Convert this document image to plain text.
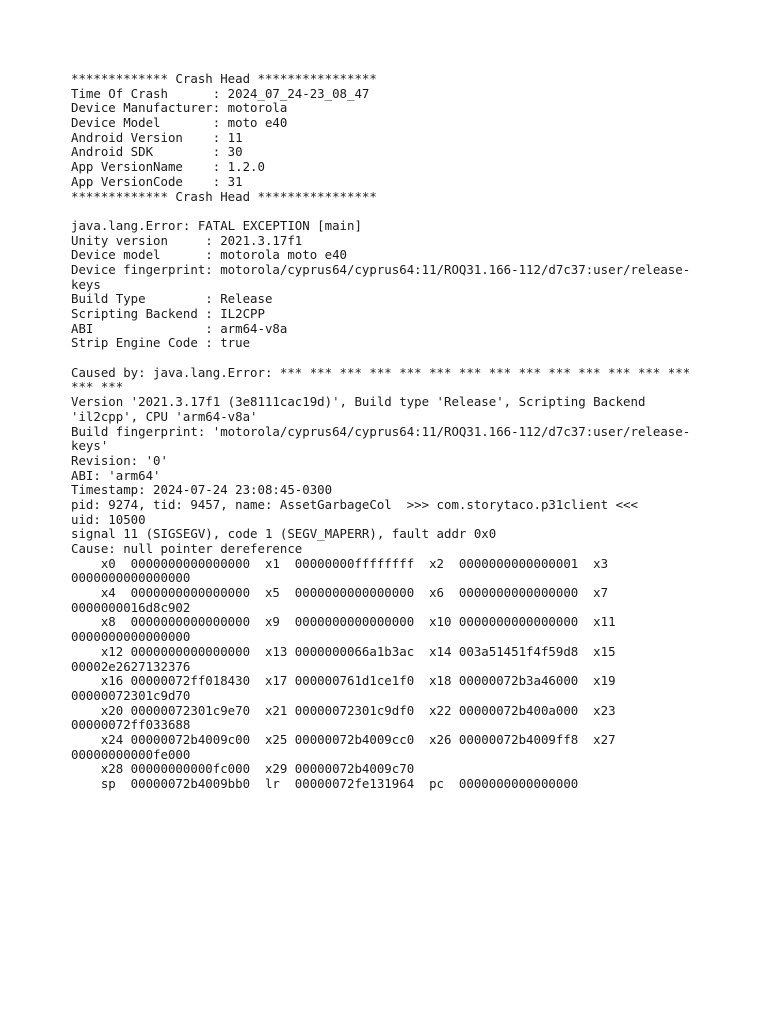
************* Crash Head ****************
Time Of Crash      : 2024_07_24-23_08_47
Device Manufacturer: motorola
Device Model       : moto e40
Android Version    : 11
Android SDK        : 30
App VersionName    : 1.2.0
App VersionCode    : 31
************* Crash Head ****************
java.lang.Error: FATAL EXCEPTION [main]
Unity version     : 2021.3.17f1
Device model      : motorola moto e40
Device fingerprint: motorola/cyprus64/cyprus64:11/ROQ31.166-112/d7c37:user/release-
keys
Build Type        : Release
Scripting Backend : IL2CPP
ABI               : arm64-v8a
Strip Engine Code : true
Caused by: java.lang.Error: *** *** *** *** *** *** *** *** *** *** *** *** *** ***
*** ***
Version '2021.3.17f1 (3e8111cac19d)', Build type 'Release', Scripting Backend
'il2cpp', CPU 'arm64-v8a'
Build fingerprint: 'motorola/cyprus64/cyprus64:11/ROQ31.166-112/d7c37:user/release-
keys'
Revision: '0'
ABI: 'arm64'
Timestamp: 2024-07-24 23:08:45-0300
pid: 9274, tid: 9457, name: AssetGarbageCol  >>> com.storytaco.p31client <<<
uid: 10500
signal 11 (SIGSEGV), code 1 (SEGV_MAPERR), fault addr 0x0
Cause: null pointer dereference
x0  0000000000000000  x1  00000000ffffffff  x2  0000000000000001  x3
0000000000000000
x4  0000000000000000  x5  0000000000000000  x6  0000000000000000  x7
0000000016d8c902
x8  0000000000000000  x9  0000000000000000  x10 0000000000000000  x11
0000000000000000
x12 0000000000000000  x13 0000000066a1b3ac  x14 003a51451f4f59d8  x15
00002e2627132376
x16 00000072ff018430  x17 000000761d1ce1f0  x18 00000072b3a46000  x19
00000072301c9d70
x20 00000072301c9e70  x21 00000072301c9df0  x22 00000072b400a000  x23
00000072ff033688
x24 00000072b4009c00  x25 00000072b4009cc0  x26 00000072b4009ff8  x27
00000000000fe000
x28 00000000000fc000  x29 00000072b4009c70
sp  00000072b4009bb0  lr  00000072fe131964  pc  0000000000000000
